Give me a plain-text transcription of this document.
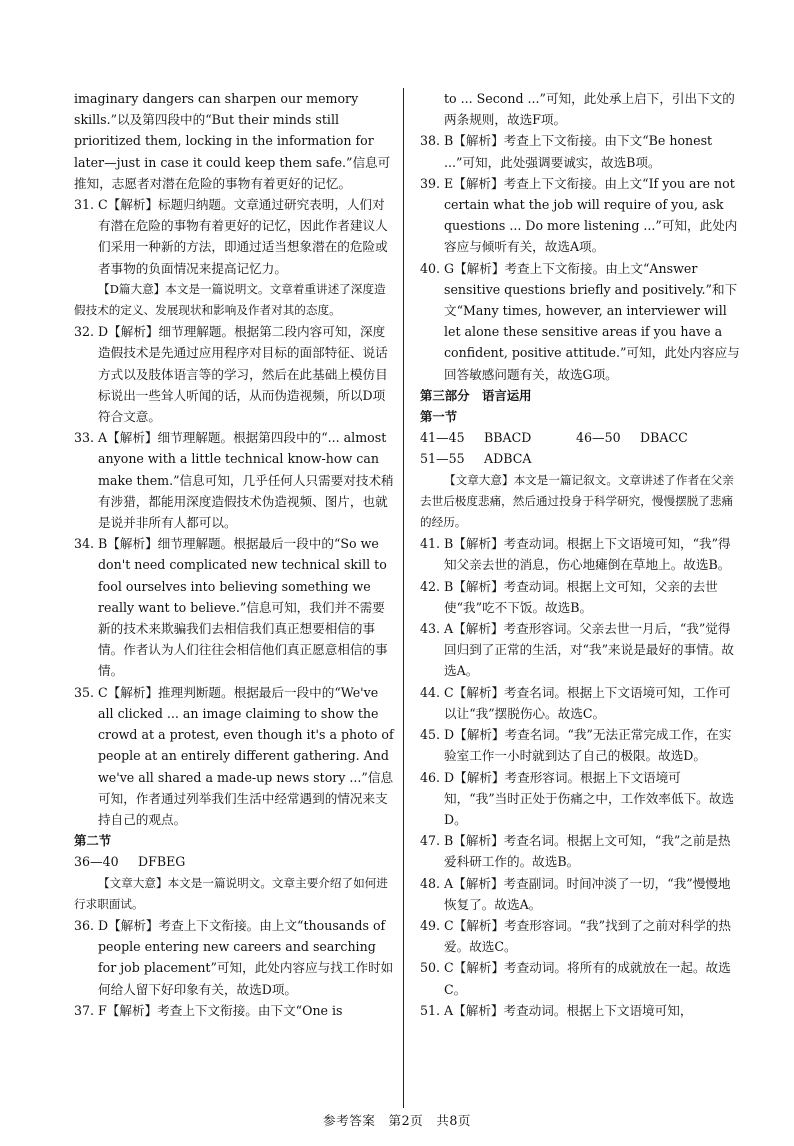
imaginary dangers can sharpen our memory skills.”以及第四段中的“But their minds still prioritized them, locking in the information for later—just in case it could keep them safe.”信息可推知，志愿者对潜在危险的事物有着更好的记忆。

31. C【解析】标题归纳题。文章通过研究表明，人们对有潜在危险的事物有着更好的记忆，因此作者建议人们采用一种新的方法，即通过适当想象潜在的危险或者事物的负面情况来提高记忆力。

【D篇大意】本文是一篇说明文。文章着重讲述了深度造假技术的定义、发展现状和影响及作者对其的态度。

32. D【解析】细节理解题。根据第二段内容可知，深度造假技术是先通过应用程序对目标的面部特征、说话方式以及肢体语言等的学习，然后在此基础上模仿目标说出一些耸人听闻的话，从而伪造视频，所以D项符合文意。

33. A【解析】细节理解题。根据第四段中的“... almost anyone with a little technical know-how can make them.”信息可知，几乎任何人只需要对技术稍有涉猎，都能用深度造假技术伪造视频、图片，也就是说并非所有人都可以。

34. B【解析】细节理解题。根据最后一段中的“So we don't need complicated new technical skill to fool ourselves into believing something we really want to believe.”信息可知，我们并不需要新的技术来欺骗我们去相信我们真正想要相信的事情。作者认为人们往往会相信他们真正愿意相信的事情。

35. C【解析】推理判断题。根据最后一段中的“We've all clicked ... an image claiming to show the crowd at a protest, even though it's a photo of people at an entirely different gathering. And we've all shared a made-up news story ...”信息可知，作者通过列举我们生活中经常遇到的情况来支持自己的观点。

第二节

36—40 DFBEG

【文章大意】本文是一篇说明文。文章主要介绍了如何进行求职面试。

36. D【解析】考查上下文衔接。由上文“thousands of people entering new careers and searching for job placement”可知，此处内容应与找工作时如何给人留下好印象有关，故选D项。

37. F【解析】考查上下文衔接。由下文“One is

to ... Second ...”可知，此处承上启下，引出下文的两条规则，故选F项。

38. B【解析】考查上下文衔接。由下文“Be honest ...”可知，此处强调要诚实，故选B项。

39. E【解析】考查上下文衔接。由上文“If you are not certain what the job will require of you, ask questions ... Do more listening ...”可知，此处内容应与倾听有关，故选A项。

40. G【解析】考查上下文衔接。由上文“Answer sensitive questions briefly and positively.”和下文“Many times, however, an interviewer will let alone these sensitive areas if you have a confident, positive attitude.”可知，此处内容应与回答敏感问题有关，故选G项。

第三部分　语言运用

第一节

41—45 BBACD	46—50 DBACC

51—55 ADBCA

【文章大意】本文是一篇记叙文。文章讲述了作者在父亲去世后极度悲痛，然后通过投身于科学研究，慢慢摆脱了悲痛的经历。

41. B【解析】考查动词。根据上下文语境可知，“我”得知父亲去世的消息，伤心地瘫倒在草地上。故选B。

42. B【解析】考查动词。根据上文可知，父亲的去世使“我”吃不下饭。故选B。

43. A【解析】考查形容词。父亲去世一月后，“我”觉得回归到了正常的生活，对“我”来说是最好的事情。故选A。

44. C【解析】考查名词。根据上下文语境可知，工作可以让“我”摆脱伤心。故选C。

45. D【解析】考查名词。“我”无法正常完成工作，在实验室工作一小时就到达了自己的极限。故选D。

46. D【解析】考查形容词。根据上下文语境可知，“我”当时正处于伤痛之中，工作效率低下。故选D。

47. B【解析】考查名词。根据上文可知，“我”之前是热爱科研工作的。故选B。

48. A【解析】考查副词。时间冲淡了一切，“我”慢慢地恢复了。故选A。

49. C【解析】考查形容词。“我”找到了之前对科学的热爱。故选C。

50. C【解析】考查动词。将所有的成就放在一起。故选C。

51. A【解析】考查动词。根据上下文语境可知，

参考答案　第2页　共8页
